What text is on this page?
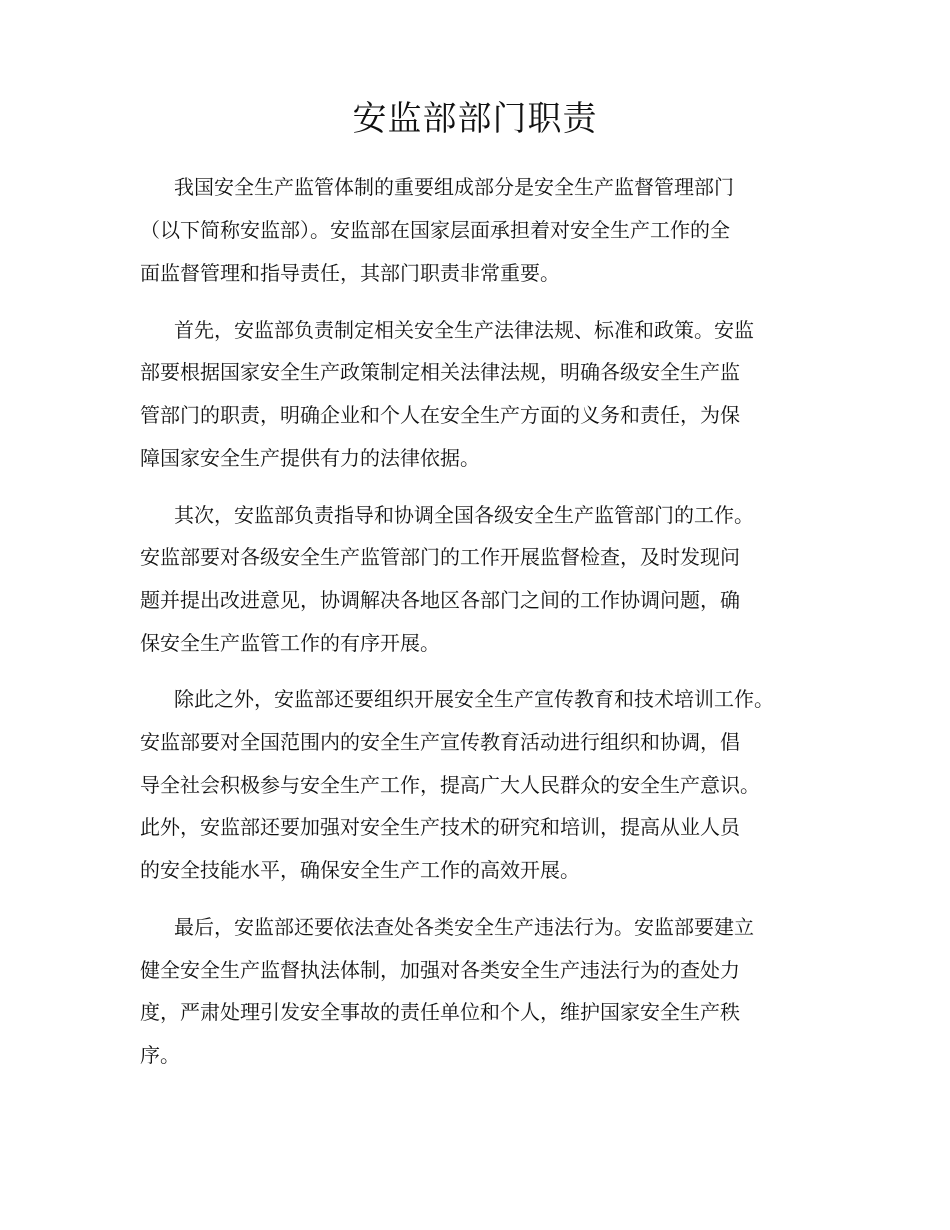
安监部部门职责

我国安全生产监管体制的重要组成部分是安全生产监督管理部门

（以下简称安监部）。安监部在国家层面承担着对安全生产工作的全

面监督管理和指导责任，其部门职责非常重要。

首先，安监部负责制定相关安全生产法律法规、标准和政策。安监

部要根据国家安全生产政策制定相关法律法规，明确各级安全生产监

管部门的职责，明确企业和个人在安全生产方面的义务和责任，为保

障国家安全生产提供有力的法律依据。

其次，安监部负责指导和协调全国各级安全生产监管部门的工作。

安监部要对各级安全生产监管部门的工作开展监督检查，及时发现问

题并提出改进意见，协调解决各地区各部门之间的工作协调问题，确

保安全生产监管工作的有序开展。

除此之外，安监部还要组织开展安全生产宣传教育和技术培训工作。

安监部要对全国范围内的安全生产宣传教育活动进行组织和协调，倡

导全社会积极参与安全生产工作，提高广大人民群众的安全生产意识。

此外，安监部还要加强对安全生产技术的研究和培训，提高从业人员

的安全技能水平，确保安全生产工作的高效开展。

最后，安监部还要依法查处各类安全生产违法行为。安监部要建立

健全安全生产监督执法体制，加强对各类安全生产违法行为的查处力

度，严肃处理引发安全事故的责任单位和个人，维护国家安全生产秩

序。
